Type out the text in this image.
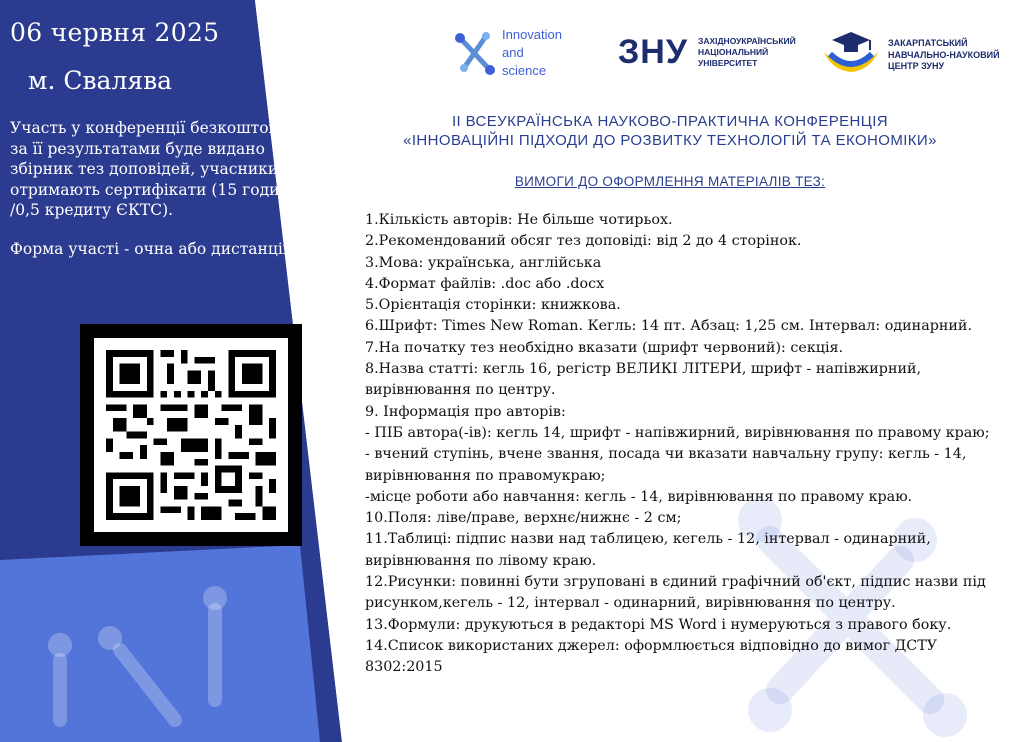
06 червня 2025
м. Свалява

Участь у конференції безкоштовна, за її результатами буде видано збірник тез доповідей, учасники отримають сертифікати (15 годин /0,5 кредиту ЄКТС).

Форма участі - очна або дистанційна.

Innovation
and
science	ЗНУ ЗАХІДНОУКРАЇНСЬКИЙ
НАЦІОНАЛЬНИЙ
УНІВЕРСИТЕТ
ЗАКАРПАТСЬКИЙ
НАВЧАЛЬНО-НАУКОВИЙ
ЦЕНТР ЗУНУ
ІІ ВСЕУКРАЇНСЬКА НАУКОВО-ПРАКТИЧНА КОНФЕРЕНЦІЯ
«ІННОВАЦІЙНІ ПІДХОДИ ДО РОЗВИТКУ ТЕХНОЛОГІЙ ТА ЕКОНОМІКИ»
ВИМОГИ ДО ОФОРМЛЕННЯ МАТЕРІАЛІВ ТЕЗ:
1.Кількість авторів: Не більше чотирьох.
2.Рекомендований обсяг тез доповіді: від 2 до 4 сторінок.
3.Мова: українська, англійська
4.Формат файлів: .doc або .docx
5.Орієнтація сторінки: книжкова.
6.Шрифт: Times New Roman. Кегль: 14 пт. Абзац: 1,25 см. Інтервал: одинарний.
7.На початку тез необхідно вказати (шрифт червоний): секція.
8.Назва статті: кегль 16, регістр ВЕЛИКІ ЛІТЕРИ, шрифт - напівжирний, вирівнювання по центру.
9. Інформація про авторів:
- ПІБ автора(-ів): кегль 14, шрифт - напівжирний, вирівнювання по правому краю;
- вчений ступінь, вчене звання, посада чи вказати навчальну групу: кегль - 14, вирівнювання по правомукраю;
-місце роботи або навчання: кегль - 14, вирівнювання по правому краю.
10.Поля: ліве/праве, верхнє/нижнє - 2 см;
11.Таблиці: підпис назви над таблицею, кегель - 12, інтервал - одинарний, вирівнювання по лівому краю.
12.Рисунки: повинні бути згруповані в єдиний графічний об'єкт, підпис назви під рисунком,кегель - 12, інтервал - одинарний, вирівнювання по центру.
13.Формули: друкуються в редакторі MS Word і нумеруються з правого боку.
14.Список використаних джерел: оформлюється відповідно до вимог ДСТУ 8302:2015
